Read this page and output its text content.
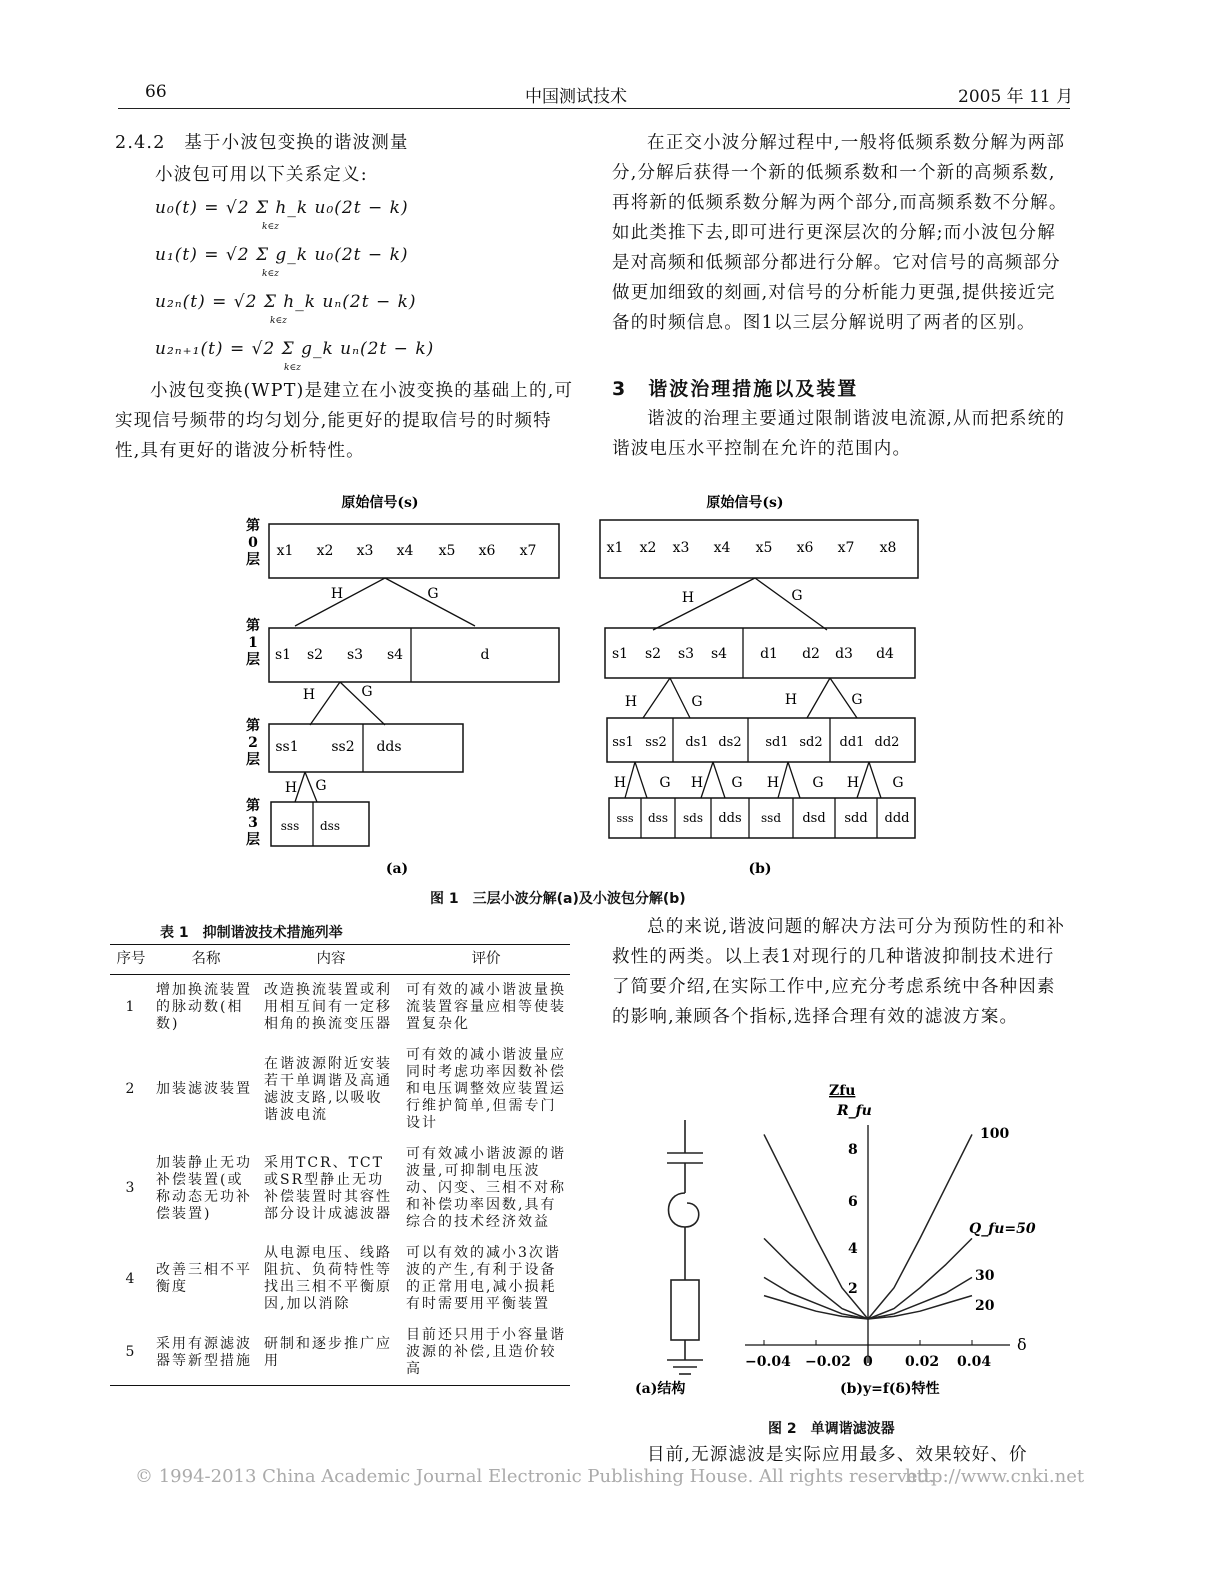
66	中国测试技术	2005 年 11 月
2.4.2　基于小波包变换的谐波测量
小波包可用以下关系定义:
u₀(t) = √2 Σ h_k u₀(2t − k)
k∈z
u₁(t) = √2 Σ g_k u₀(2t − k)
k∈z
u₂ₙ(t) = √2 Σ h_k uₙ(2t − k)
k∈z
u₂ₙ₊₁(t) = √2 Σ g_k uₙ(2t − k)
k∈z

小波包变换(WPT)是建立在小波变换的基础上的,可实现信号频带的均匀划分,能更好的提取信号的时频特性,具有更好的谐波分析特性。

在正交小波分解过程中,一般将低频系数分解为两部分,分解后获得一个新的低频系数和一个新的高频系数,再将新的低频系数分解为两个部分,而高频系数不分解。如此类推下去,即可进行更深层次的分解;而小波包分解是对高频和低频部分都进行分解。它对信号的高频部分做更加细致的刻画,对信号的分析能力更强,提供接近完备的时频信息。图1以三层分解说明了两者的区别。

3　谐波治理措施以及装置

谐波的治理主要通过限制谐波电流源,从而把系统的谐波电压水平控制在允许的范围内。

原始信号(s)
第 0 层
第 1 层
第 2 层
第 3 层
x1 x2 x3 x4 x5 x6 x7
H	G
s1 s2 s3 s4	d
H	G
ss1 ss2 dds
H G
sss dss
(a)
原始信号(s)
x1 x2 x3 x4 x5 x6 x7 x8
H	G
s1 s2 s3 s4 d1 d2 d3 d4
H	G	H	G
ss1 ss2 ds1 ds2 sd1 sd2 dd1 dd2
H G H G H G H G
sss dss sds dds ssd dsd sdd ddd
(b)
图 1　三层小波分解(a)及小波包分解(b)
表 1　抑制谐波技术措施列举
序号	名称	内容	评价
1	增加换流装置的脉动数(相数)	改造换流装置或利用相互间有一定移相角的换流变压器	可有效的减小谐波量换流装置容量应相等使装置复杂化
2	加装滤波装置	在谐波源附近安装若干单调谐及高通滤波支路,以吸收谐波电流	可有效的减小谐波量应同时考虑功率因数补偿和电压调整效应装置运行维护简单,但需专门设计
3	加装静止无功补偿装置(或称动态无功补偿装置)	采用TCR、TCT或SR型静止无功补偿装置时其容性部分设计成滤波器	可有效减小谐波源的谐波量,可抑制电压波动、闪变、三相不对称和补偿功率因数,具有综合的技术经济效益
4	改善三相不平衡度	从电源电压、线路阻抗、负荷特性等找出三相不平衡原因,加以消除	可以有效的减小3次谐波的产生,有利于设备的正常用电,减小损耗有时需要用平衡装置
5	采用有源滤波器等新型措施	研制和逐步推广应用	目前还只用于小容量谐波源的补偿,且造价较高

总的来说,谐波问题的解决方法可分为预防性的和补救性的两类。以上表1对现行的几种谐波抑制技术进行了简要介绍,在实际工作中,应充分考虑系统中各种因素的影响,兼顾各个指标,选择合理有效的滤波方案。

(a)结构
Zfu
R_fu
δ
8
6
4
2
−0.04 −0.02 0 0.02 0.04
100
Q_fu=50
30
20
(b)y=f(δ)特性
图 2　单调谐滤波器

目前,无源滤波是实际应用最多、效果较好、价

© 1994-2013 China Academic Journal Electronic Publishing House. All rights reserved.
http://www.cnki.net
